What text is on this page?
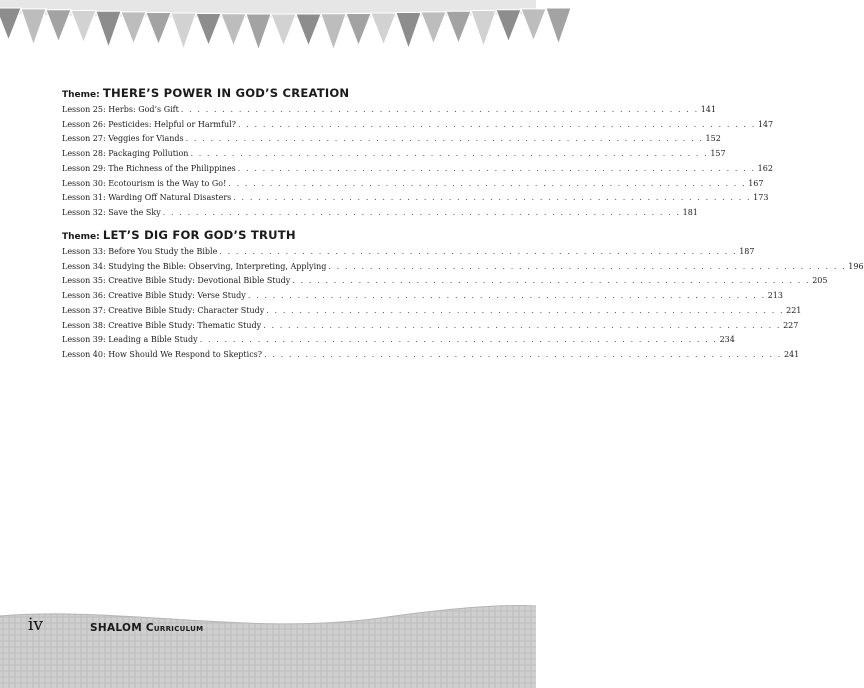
Theme: THERE’S POWER IN GOD’S CREATION
Lesson 25: Herbs: God’s Gift . . . . . . . . . . . . . . . . . . . . . . . . . . . . . . . . . . . . . . . . . . . . . . . . . . . . . . . . . . . . . . . 141
Lesson 26: Pesticides: Helpful or Harmful? . . . . . . . . . . . . . . . . . . . . . . . . . . . . . . . . . . . . . . . . . . . . . . . . . . . . . . . . . . . . . . . 147
Lesson 27: Veggies for Viands . . . . . . . . . . . . . . . . . . . . . . . . . . . . . . . . . . . . . . . . . . . . . . . . . . . . . . . . . . . . . . . 152
Lesson 28: Packaging Pollution . . . . . . . . . . . . . . . . . . . . . . . . . . . . . . . . . . . . . . . . . . . . . . . . . . . . . . . . . . . . . . . 157
Lesson 29: The Richness of the Philippines . . . . . . . . . . . . . . . . . . . . . . . . . . . . . . . . . . . . . . . . . . . . . . . . . . . . . . . . . . . . . . . 162
Lesson 30: Ecotourism is the Way to Go! . . . . . . . . . . . . . . . . . . . . . . . . . . . . . . . . . . . . . . . . . . . . . . . . . . . . . . . . . . . . . . . 167
Lesson 31: Warding Off Natural Disasters . . . . . . . . . . . . . . . . . . . . . . . . . . . . . . . . . . . . . . . . . . . . . . . . . . . . . . . . . . . . . . . 173
Lesson 32: Save the Sky . . . . . . . . . . . . . . . . . . . . . . . . . . . . . . . . . . . . . . . . . . . . . . . . . . . . . . . . . . . . . . . 181
Theme: LET’S DIG FOR GOD’S TRUTH
Lesson 33: Before You Study the Bible . . . . . . . . . . . . . . . . . . . . . . . . . . . . . . . . . . . . . . . . . . . . . . . . . . . . . . . . . . . . . . . 187
Lesson 34: Studying the Bible: Observing, Interpreting, Applying . . . . . . . . . . . . . . . . . . . . . . . . . . . . . . . . . . . . . . . . . . . . . . . . . . . . . . . . . . . . . . . 196
Lesson 35: Creative Bible Study: Devotional Bible Study . . . . . . . . . . . . . . . . . . . . . . . . . . . . . . . . . . . . . . . . . . . . . . . . . . . . . . . . . . . . . . . 205
Lesson 36: Creative Bible Study: Verse Study . . . . . . . . . . . . . . . . . . . . . . . . . . . . . . . . . . . . . . . . . . . . . . . . . . . . . . . . . . . . . . . 213
Lesson 37: Creative Bible Study: Character Study . . . . . . . . . . . . . . . . . . . . . . . . . . . . . . . . . . . . . . . . . . . . . . . . . . . . . . . . . . . . . . . 221
Lesson 38: Creative Bible Study: Thematic Study . . . . . . . . . . . . . . . . . . . . . . . . . . . . . . . . . . . . . . . . . . . . . . . . . . . . . . . . . . . . . . . 227
Lesson 39: Leading a Bible Study . . . . . . . . . . . . . . . . . . . . . . . . . . . . . . . . . . . . . . . . . . . . . . . . . . . . . . . . . . . . . . . 234
Lesson 40: How Should We Respond to Skeptics? . . . . . . . . . . . . . . . . . . . . . . . . . . . . . . . . . . . . . . . . . . . . . . . . . . . . . . . . . . . . . . . 241
iv	SHALOM Curriculum
